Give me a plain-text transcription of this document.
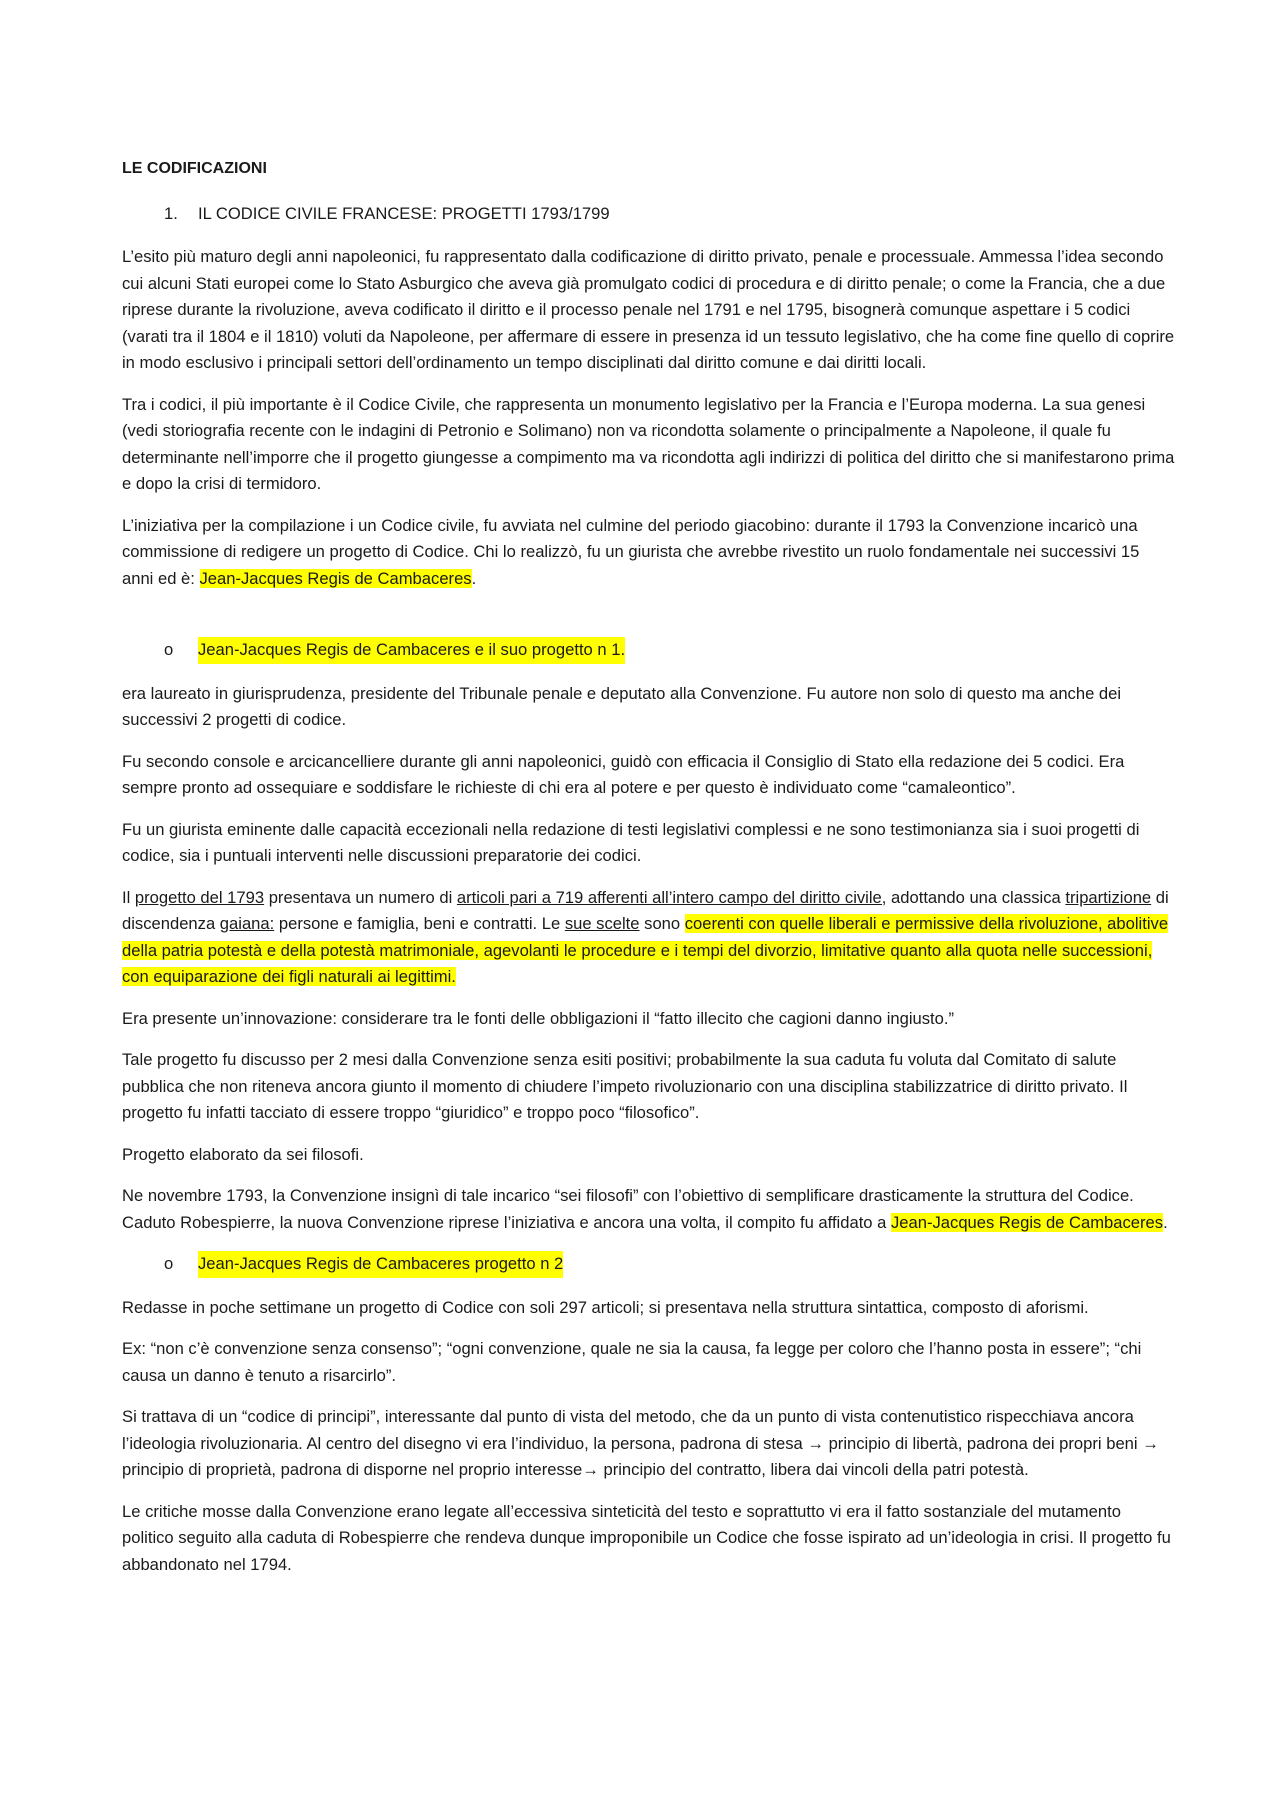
LE CODIFICAZIONI
1.	IL CODICE CIVILE FRANCESE: PROGETTI 1793/1799

L’esito più maturo degli anni napoleonici, fu rappresentato dalla codificazione di diritto privato, penale e processuale. Ammessa l’idea secondo cui alcuni Stati europei come lo Stato Asburgico che aveva già promulgato codici di procedura e di diritto penale; o come la Francia, che a due riprese durante la rivoluzione, aveva codificato il diritto e il processo penale nel 1791 e nel 1795, bisognerà comunque aspettare i 5 codici (varati tra il 1804 e il 1810) voluti da Napoleone, per affermare di essere in presenza id un tessuto legislativo, che ha come fine quello di coprire in modo esclusivo i principali settori dell’ordinamento un tempo disciplinati dal diritto comune e dai diritti locali.

Tra i codici, il più importante è il Codice Civile, che rappresenta un monumento legislativo per la Francia e l’Europa moderna. La sua genesi (vedi storiografia recente con le indagini di Petronio e Solimano) non va ricondotta solamente o principalmente a Napoleone, il quale fu determinante nell’imporre che il progetto giungesse a compimento ma va ricondotta agli indirizzi di politica del diritto che si manifestarono prima e dopo la crisi di termidoro.

L’iniziativa per la compilazione i un Codice civile, fu avviata nel culmine del periodo giacobino: durante il 1793 la Convenzione incaricò una commissione di redigere un progetto di Codice. Chi lo realizzò, fu un giurista che avrebbe rivestito un ruolo fondamentale nei successivi 15 anni ed è: Jean-Jacques Regis de Cambaceres.

o	Jean-Jacques Regis de Cambaceres e il suo progetto n 1.

era laureato in giurisprudenza, presidente del Tribunale penale e deputato alla Convenzione. Fu autore non solo di questo ma anche dei successivi 2 progetti di codice.

Fu secondo console e arcicancelliere durante gli anni napoleonici, guidò con efficacia il Consiglio di Stato ella redazione dei 5 codici. Era sempre pronto ad ossequiare e soddisfare le richieste di chi era al potere e per questo è individuato come “camaleontico”.

Fu un giurista eminente dalle capacità eccezionali nella redazione di testi legislativi complessi e ne sono testimonianza sia i suoi progetti di codice, sia i puntuali interventi nelle discussioni preparatorie dei codici.

Il progetto del 1793 presentava un numero di articoli pari a 719 afferenti all’intero campo del diritto civile, adottando una classica tripartizione di discendenza gaiana: persone e famiglia, beni e contratti. Le sue scelte sono coerenti con quelle liberali e permissive della rivoluzione, abolitive della patria potestà e della potestà matrimoniale, agevolanti le procedure e i tempi del divorzio, limitative quanto alla quota nelle successioni, con equiparazione dei figli naturali ai legittimi.

Era presente un’innovazione: considerare tra le fonti delle obbligazioni il “fatto illecito che cagioni danno ingiusto.”

Tale progetto fu discusso per 2 mesi dalla Convenzione senza esiti positivi; probabilmente la sua caduta fu voluta dal Comitato di salute pubblica che non riteneva ancora giunto il momento di chiudere l’impeto rivoluzionario con una disciplina stabilizzatrice di diritto privato. Il progetto fu infatti tacciato di essere troppo “giuridico” e troppo poco “filosofico”.

Progetto elaborato da sei filosofi.

Ne novembre 1793, la Convenzione insignì di tale incarico “sei filosofi” con l’obiettivo di semplificare drasticamente la struttura del Codice. Caduto Robespierre, la nuova Convenzione riprese l’iniziativa e ancora una volta, il compito fu affidato a Jean-Jacques Regis de Cambaceres.

o	Jean-Jacques Regis de Cambaceres progetto n 2

Redasse in poche settimane un progetto di Codice con soli 297 articoli; si presentava nella struttura sintattica, composto di aforismi.

Ex: “non c’è convenzione senza consenso”; “ogni convenzione, quale ne sia la causa, fa legge per coloro che l’hanno posta in essere”; “chi causa un danno è tenuto a risarcirlo”.

Si trattava di un “codice di principi”, interessante dal punto di vista del metodo, che da un punto di vista contenutistico rispecchiava ancora l’ideologia rivoluzionaria. Al centro del disegno vi era l’individuo, la persona, padrona di stesa → principio di libertà, padrona dei propri beni → principio di proprietà, padrona di disporne nel proprio interesse→ principio del contratto, libera dai vincoli della patri potestà.

Le critiche mosse dalla Convenzione erano legate all’eccessiva sinteticità del testo e soprattutto vi era il fatto sostanziale del mutamento politico seguito alla caduta di Robespierre che rendeva dunque improponibile un Codice che fosse ispirato ad un’ideologia in crisi. Il progetto fu abbandonato nel 1794.
